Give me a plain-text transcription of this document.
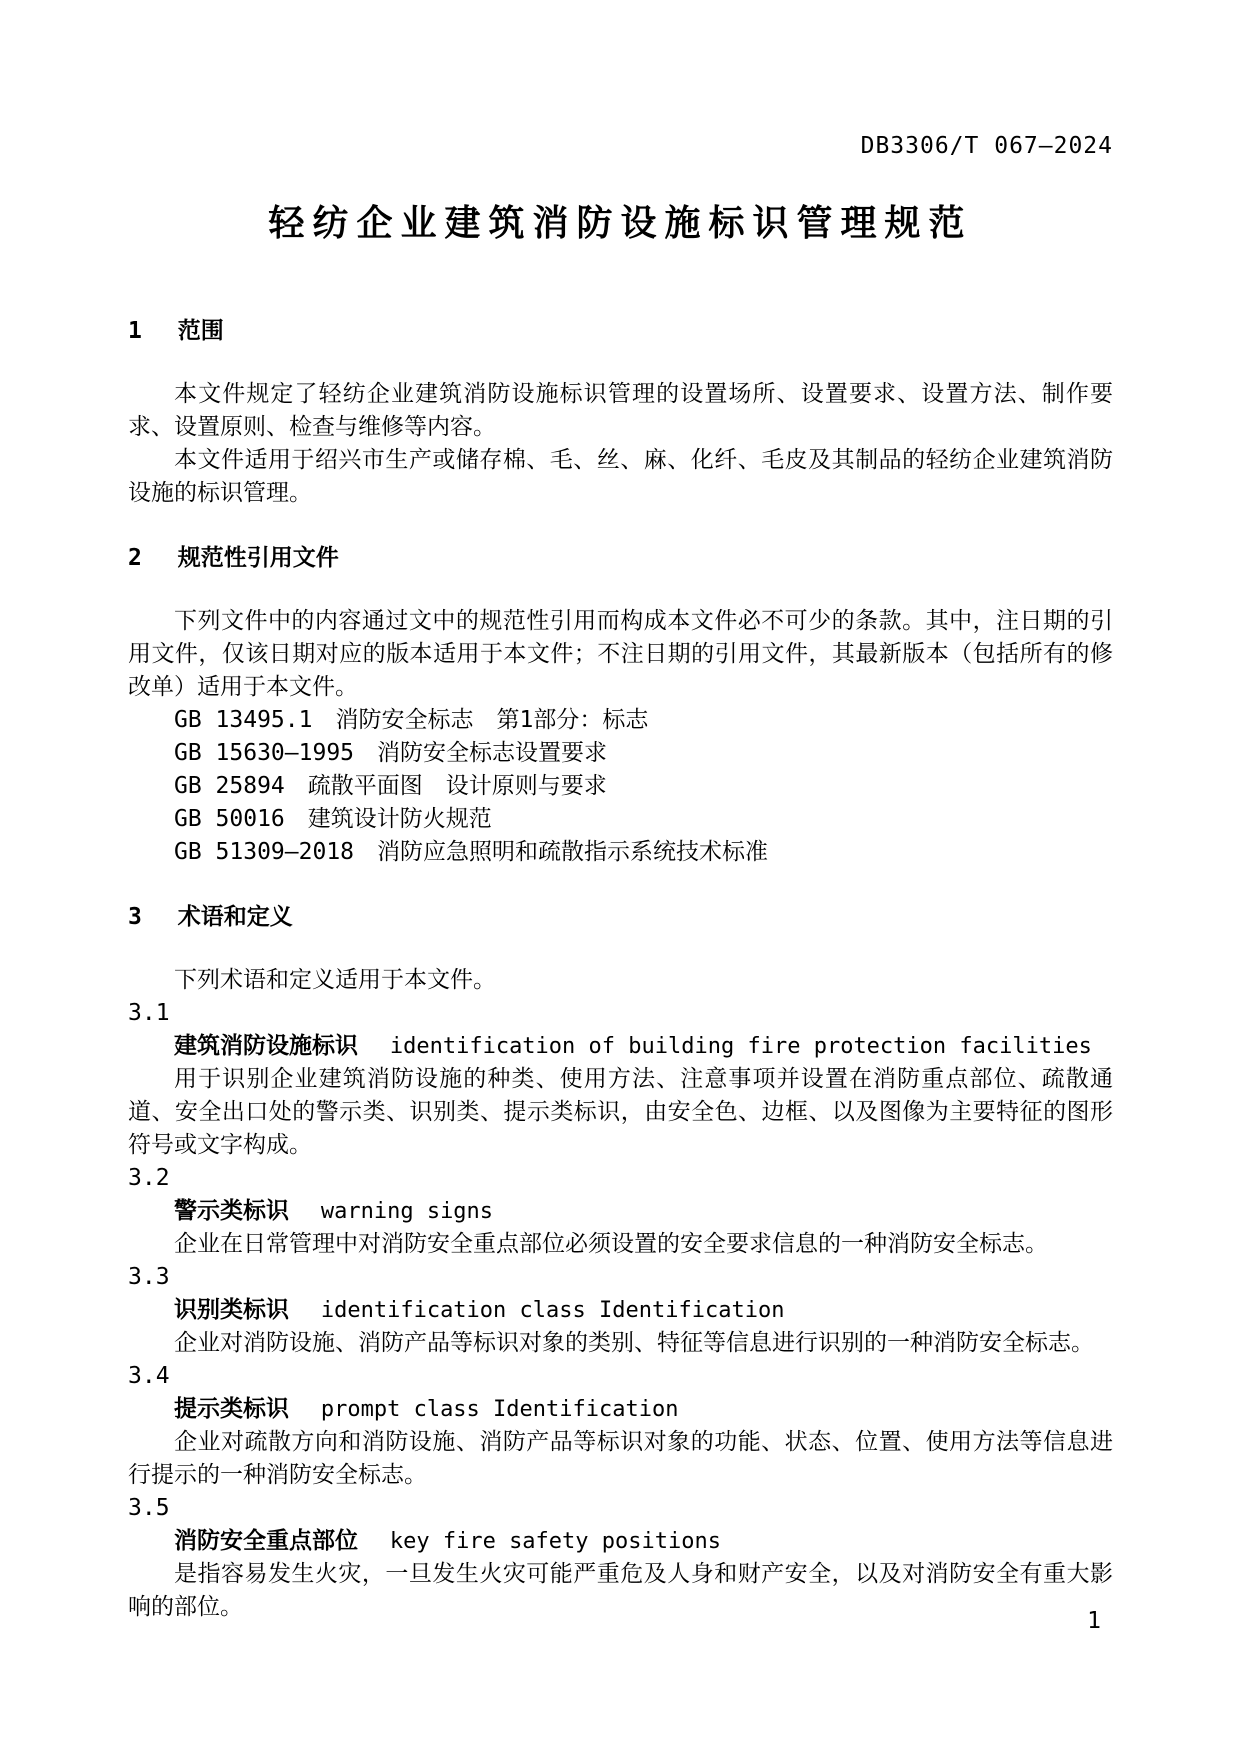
DB3306/T 067—2024
轻纺企业建筑消防设施标识管理规范
1 范围

本文件规定了轻纺企业建筑消防设施标识管理的设置场所、设置要求、设置方法、制作要求、设置原则、检查与维修等内容。

本文件适用于绍兴市生产或储存棉、毛、丝、麻、化纤、毛皮及其制品的轻纺企业建筑消防设施的标识管理。

2 规范性引用文件

下列文件中的内容通过文中的规范性引用而构成本文件必不可少的条款。其中，注日期的引用文件，仅该日期对应的版本适用于本文件；不注日期的引用文件，其最新版本（包括所有的修改单）适用于本文件。

GB 13495.1　消防安全标志　第1部分：标志
GB 15630—1995　消防安全标志设置要求
GB 25894　疏散平面图　设计原则与要求
GB 50016　建筑设计防火规范
GB 51309—2018　消防应急照明和疏散指示系统技术标准
3 术语和定义

下列术语和定义适用于本文件。

3.1
建筑消防设施标识 identification of building fire protection facilities

用于识别企业建筑消防设施的种类、使用方法、注意事项并设置在消防重点部位、疏散通道、安全出口处的警示类、识别类、提示类标识，由安全色、边框、以及图像为主要特征的图形符号或文字构成。

3.2
警示类标识 warning signs

企业在日常管理中对消防安全重点部位必须设置的安全要求信息的一种消防安全标志。

3.3
识别类标识 identification class Identification

企业对消防设施、消防产品等标识对象的类别、特征等信息进行识别的一种消防安全标志。

3.4
提示类标识 prompt class Identification

企业对疏散方向和消防设施、消防产品等标识对象的功能、状态、位置、使用方法等信息进行提示的一种消防安全标志。

3.5
消防安全重点部位 key fire safety positions

是指容易发生火灾，一旦发生火灾可能严重危及人身和财产安全，以及对消防安全有重大影响的部位。

1
